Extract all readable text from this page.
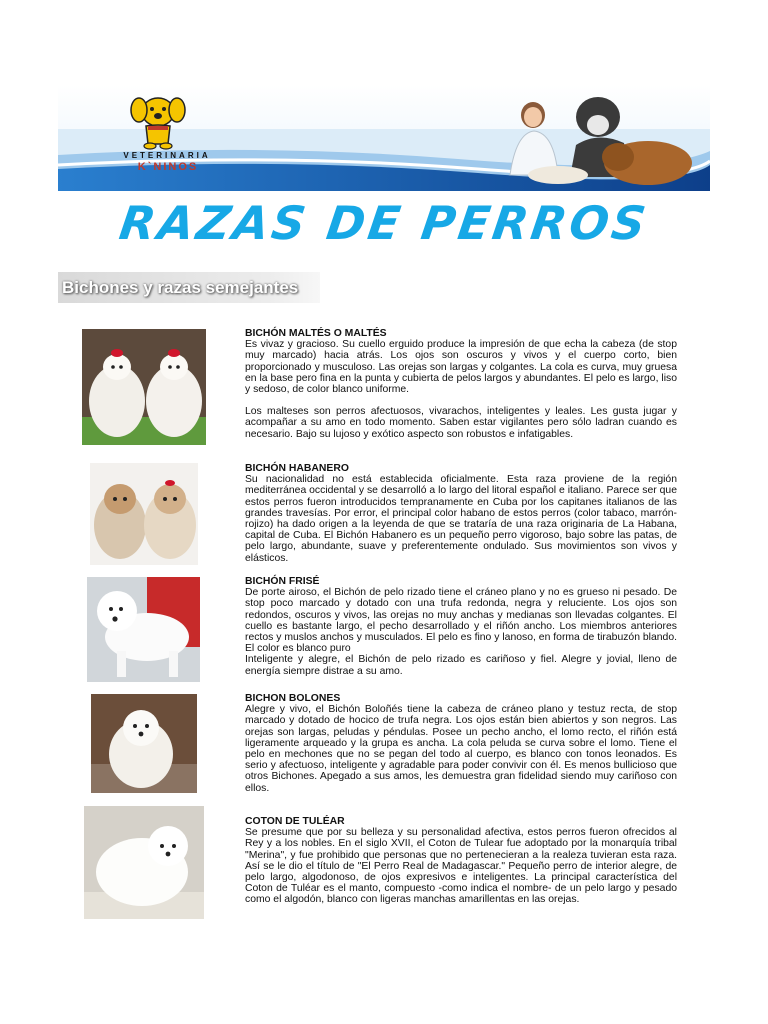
VETERINARIA
K`NINOS
RAZAS DE PERROS
Bichones y razas semejantes
BICHÓN MALTÉS O MALTÉS

Es vivaz y gracioso. Su cuello erguido produce la impresión de que echa la cabeza (de stop muy marcado) hacia atrás. Los ojos son oscuros y vivos y el cuerpo corto, bien proporcionado y musculoso. Las orejas son largas y colgantes. La cola es curva, muy gruesa en la base pero fina en la punta y cubierta de pelos largos y abundantes. El pelo es largo, liso y sedoso, de color blanco uniforme.

Los malteses son perros afectuosos, vivarachos, inteligentes y leales. Les gusta jugar y acompañar a su amo en todo momento. Saben estar vigilantes pero sólo ladran cuando es necesario. Bajo su lujoso y exótico aspecto son robustos e infatigables.

BICHÓN HABANERO

Su nacionalidad no está establecida oficialmente. Esta raza proviene de la región mediterránea occidental y se desarrolló a lo largo del litoral español e italiano. Parece ser que estos perros fueron introducidos tempranamente en Cuba por los capitanes italianos de las grandes travesías. Por error, el principal color habano de estos perros (color tabaco, marrón-rojizo) ha dado origen a la leyenda de que se trataría de una raza originaria de La Habana, capital de Cuba. El Bichón Habanero es un pequeño perro vigoroso, bajo sobre las patas, de pelo largo, abundante, suave y preferentemente ondulado. Sus movimientos son vivos y elásticos.

BICHÓN FRISÉ

De porte airoso, el Bichón de pelo rizado tiene el cráneo plano y no es grueso ni pesado. De stop poco marcado y dotado con una trufa redonda, negra y reluciente. Los ojos son redondos, oscuros y vivos, las orejas no muy anchas y medianas son llevadas colgantes. El cuello es bastante largo, el pecho desarrollado y el riñón ancho. Los miembros anteriores rectos y muslos anchos y musculados. El pelo es fino y lanoso, en forma de tirabuzón blando. El color es blanco puro

Inteligente y alegre, el Bichón de pelo rizado es cariñoso y fiel. Alegre y jovial, lleno de energía siempre distrae a su amo.

BICHON BOLONES

Alegre y vivo, el Bichón Boloñés tiene la cabeza de cráneo plano y testuz recta, de stop marcado y dotado de hocico de trufa negra. Los ojos están bien abiertos y son negros. Las orejas son largas, peludas y péndulas. Posee un pecho ancho, el lomo recto, el riñón está ligeramente arqueado y la grupa es ancha. La cola peluda se curva sobre el lomo. Tiene el pelo en mechones que no se pegan del todo al cuerpo, es blanco con tonos leonados. Es serio y afectuoso, inteligente y agradable para poder convivir con él. Es menos bullicioso que otros Bichones. Apegado a sus amos, les demuestra gran fidelidad siendo muy cariñoso con ellos.

COTON DE TULÉAR

Se presume que por su belleza y su personalidad afectiva, estos perros fueron ofrecidos al Rey y a los nobles. En el siglo XVII, el Coton de Tulear fue adoptado por la monarquía tribal "Merina", y fue prohibido que personas que no pertenecieran a la realeza tuvieran esta raza. Así se le dio el título de "El Perro Real de Madagascar." Pequeño perro de interior alegre, de pelo largo, algodonoso, de ojos expresivos e inteligentes. La principal característica del Coton de Tuléar es el manto, compuesto -como indica el nombre- de un pelo largo y pesado como el algodón, blanco con ligeras manchas amarillentas en las orejas.
